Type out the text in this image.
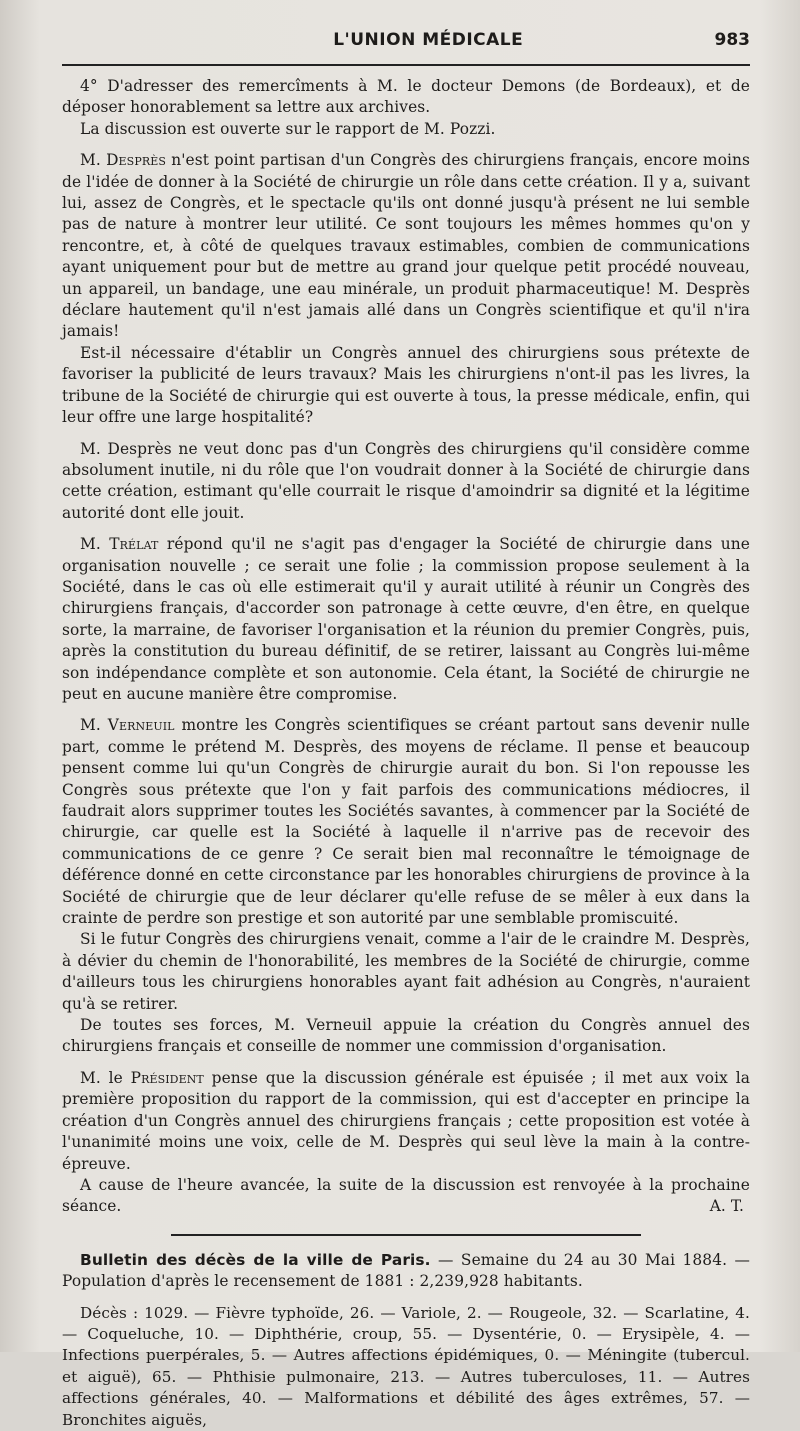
L'UNION MÉDICALE	983

4° D'adresser des remercîments à M. le docteur Demons (de Bordeaux), et de déposer honorablement sa lettre aux archives.

La discussion est ouverte sur le rapport de M. Pozzi.

M. Desprès n'est point partisan d'un Congrès des chirurgiens français, encore moins de l'idée de donner à la Société de chirurgie un rôle dans cette création. Il y a, suivant lui, assez de Congrès, et le spectacle qu'ils ont donné jusqu'à présent ne lui semble pas de nature à montrer leur utilité. Ce sont toujours les mêmes hommes qu'on y rencontre, et, à côté de quelques travaux estimables, combien de communications ayant uniquement pour but de mettre au grand jour quelque petit procédé nouveau, un appareil, un bandage, une eau minérale, un produit pharmaceutique! M. Desprès déclare hautement qu'il n'est jamais allé dans un Congrès scientifique et qu'il n'ira jamais!

Est-il nécessaire d'établir un Congrès annuel des chirurgiens sous prétexte de favoriser la publicité de leurs travaux? Mais les chirurgiens n'ont-il pas les livres, la tribune de la Société de chirurgie qui est ouverte à tous, la presse médicale, enfin, qui leur offre une large hospitalité?

M. Desprès ne veut donc pas d'un Congrès des chirurgiens qu'il considère comme absolument inutile, ni du rôle que l'on voudrait donner à la Société de chirurgie dans cette création, estimant qu'elle courrait le risque d'amoindrir sa dignité et la légitime autorité dont elle jouit.

M. Trélat répond qu'il ne s'agit pas d'engager la Société de chirurgie dans une organisation nouvelle ; ce serait une folie ; la commission propose seulement à la Société, dans le cas où elle estimerait qu'il y aurait utilité à réunir un Congrès des chirurgiens français, d'accorder son patronage à cette œuvre, d'en être, en quelque sorte, la marraine, de favoriser l'organisation et la réunion du premier Congrès, puis, après la constitution du bureau définitif, de se retirer, laissant au Congrès lui-même son indépendance complète et son autonomie. Cela étant, la Société de chirurgie ne peut en aucune manière être compromise.

M. Verneuil montre les Congrès scientifiques se créant partout sans devenir nulle part, comme le prétend M. Desprès, des moyens de réclame. Il pense et beaucoup pensent comme lui qu'un Congrès de chirurgie aurait du bon. Si l'on repousse les Congrès sous prétexte que l'on y fait parfois des communications médiocres, il faudrait alors supprimer toutes les Sociétés savantes, à commencer par la Société de chirurgie, car quelle est la Société à laquelle il n'arrive pas de recevoir des communications de ce genre ? Ce serait bien mal reconnaître le témoignage de déférence donné en cette circonstance par les honorables chirurgiens de province à la Société de chirurgie que de leur déclarer qu'elle refuse de se mêler à eux dans la crainte de perdre son prestige et son autorité par une semblable promiscuité.

Si le futur Congrès des chirurgiens venait, comme a l'air de le craindre M. Desprès, à dévier du chemin de l'honorabilité, les membres de la Société de chirurgie, comme d'ailleurs tous les chirurgiens honorables ayant fait adhésion au Congrès, n'auraient qu'à se retirer.

De toutes ses forces, M. Verneuil appuie la création du Congrès annuel des chirurgiens français et conseille de nommer une commission d'organisation.

M. le Président pense que la discussion générale est épuisée ; il met aux voix la première proposition du rapport de la commission, qui est d'accepter en principe la création d'un Congrès annuel des chirurgiens français ; cette proposition est votée à l'unanimité moins une voix, celle de M. Desprès qui seul lève la main à la contre-épreuve.

A cause de l'heure avancée, la suite de la discussion est renvoyée à la prochaine séance.	A. T.

Bulletin des décès de la ville de Paris. — Semaine du 24 au 30 Mai 1884. — Population d'après le recensement de 1881 : 2,239,928 habitants.

Décès : 1029. — Fièvre typhoïde, 26. — Variole, 2. — Rougeole, 32. — Scarlatine, 4. — Coqueluche, 10. — Diphthérie, croup, 55. — Dysentérie, 0. — Erysipèle, 4. — Infections puerpérales, 5. — Autres affections épidémiques, 0. — Méningite (tubercul. et aiguë), 65. — Phthisie pulmonaire, 213. — Autres tuberculoses, 11. — Autres affections générales, 40. — Malformations et débilité des âges extrêmes, 57. — Bronchites aiguës,
